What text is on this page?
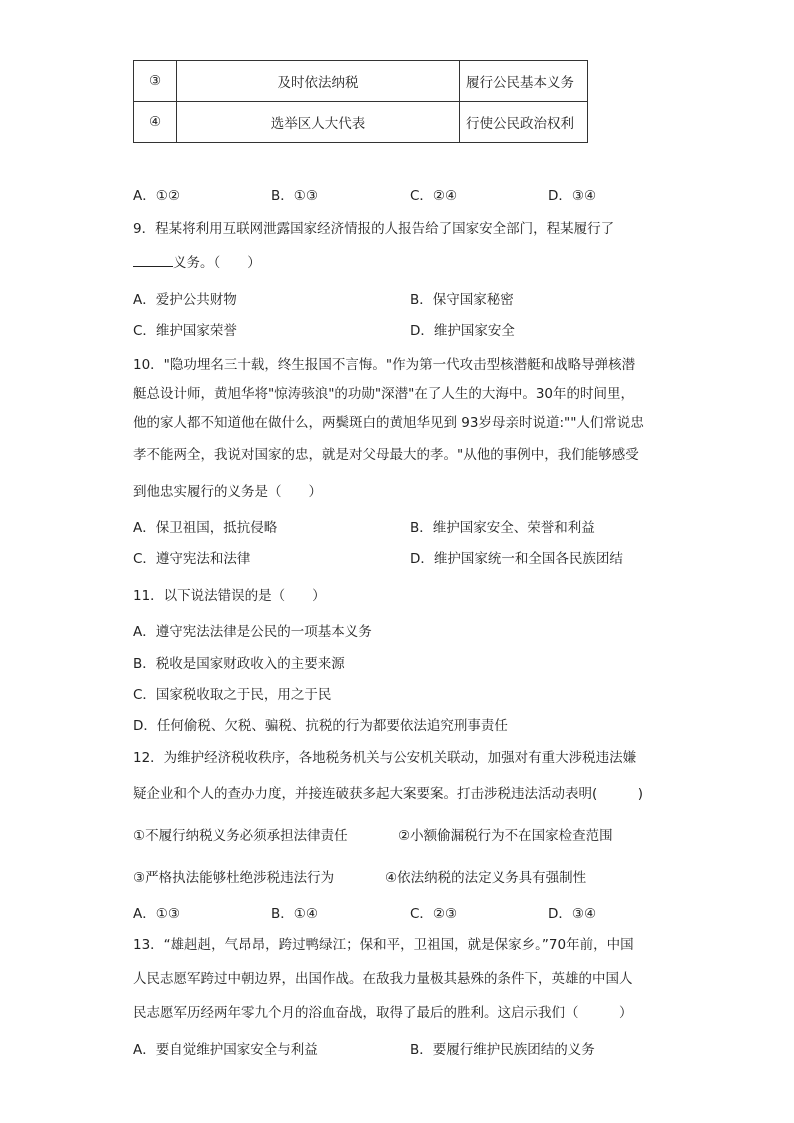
③	及时依法纳税	履行公民基本义务
④	选举区人大代表	行使公民政治权利
A．①②	B．①③	C．②④	D．③④
9．程某将利用互联网泄露国家经济情报的人报告给了国家安全部门，程某履行了
义务。（　　）
A．爱护公共财物	B．保守国家秘密
C．维护国家荣誉	D．维护国家安全
10．"隐功埋名三十载，终生报国不言悔。"作为第一代攻击型核潜艇和战略导弹核潜
艇总设计师，黄旭华将"惊涛骇浪"的功勋"深潜"在了人生的大海中。30年的时间里，
他的家人都不知道他在做什么，两鬓斑白的黄旭华见到 93岁母亲时说道:""人们常说忠
孝不能两全，我说对国家的忠，就是对父母最大的孝。"从他的事例中，我们能够感受
到他忠实履行的义务是（　　）
A．保卫祖国，抵抗侵略	B．维护国家安全、荣誉和利益
C．遵守宪法和法律	D．维护国家统一和全国各民族团结
11．以下说法错误的是（　　）
A．遵守宪法法律是公民的一项基本义务
B．税收是国家财政收入的主要来源
C．国家税收取之于民，用之于民
D．任何偷税、欠税、骗税、抗税的行为都要依法追究刑事责任
12．为维护经济税收秩序，各地税务机关与公安机关联动，加强对有重大涉税违法嫌
疑企业和个人的查办力度，并接连破获多起大案要案。打击涉税违法活动表明(　　　)
①不履行纳税义务必须承担法律责任	②小额偷漏税行为不在国家检查范围
③严格执法能够杜绝涉税违法行为	④依法纳税的法定义务具有强制性
A．①③	B．①④	C．②③	D．③④
13．“雄赳赳，气昂昂，跨过鸭绿江；保和平，卫祖国，就是保家乡。”70年前，中国
人民志愿军跨过中朝边界，出国作战。在敌我力量极其悬殊的条件下，英雄的中国人
民志愿军历经两年零九个月的浴血奋战，取得了最后的胜利。这启示我们（　　　）
A．要自觉维护国家安全与利益	B．要履行维护民族团结的义务
